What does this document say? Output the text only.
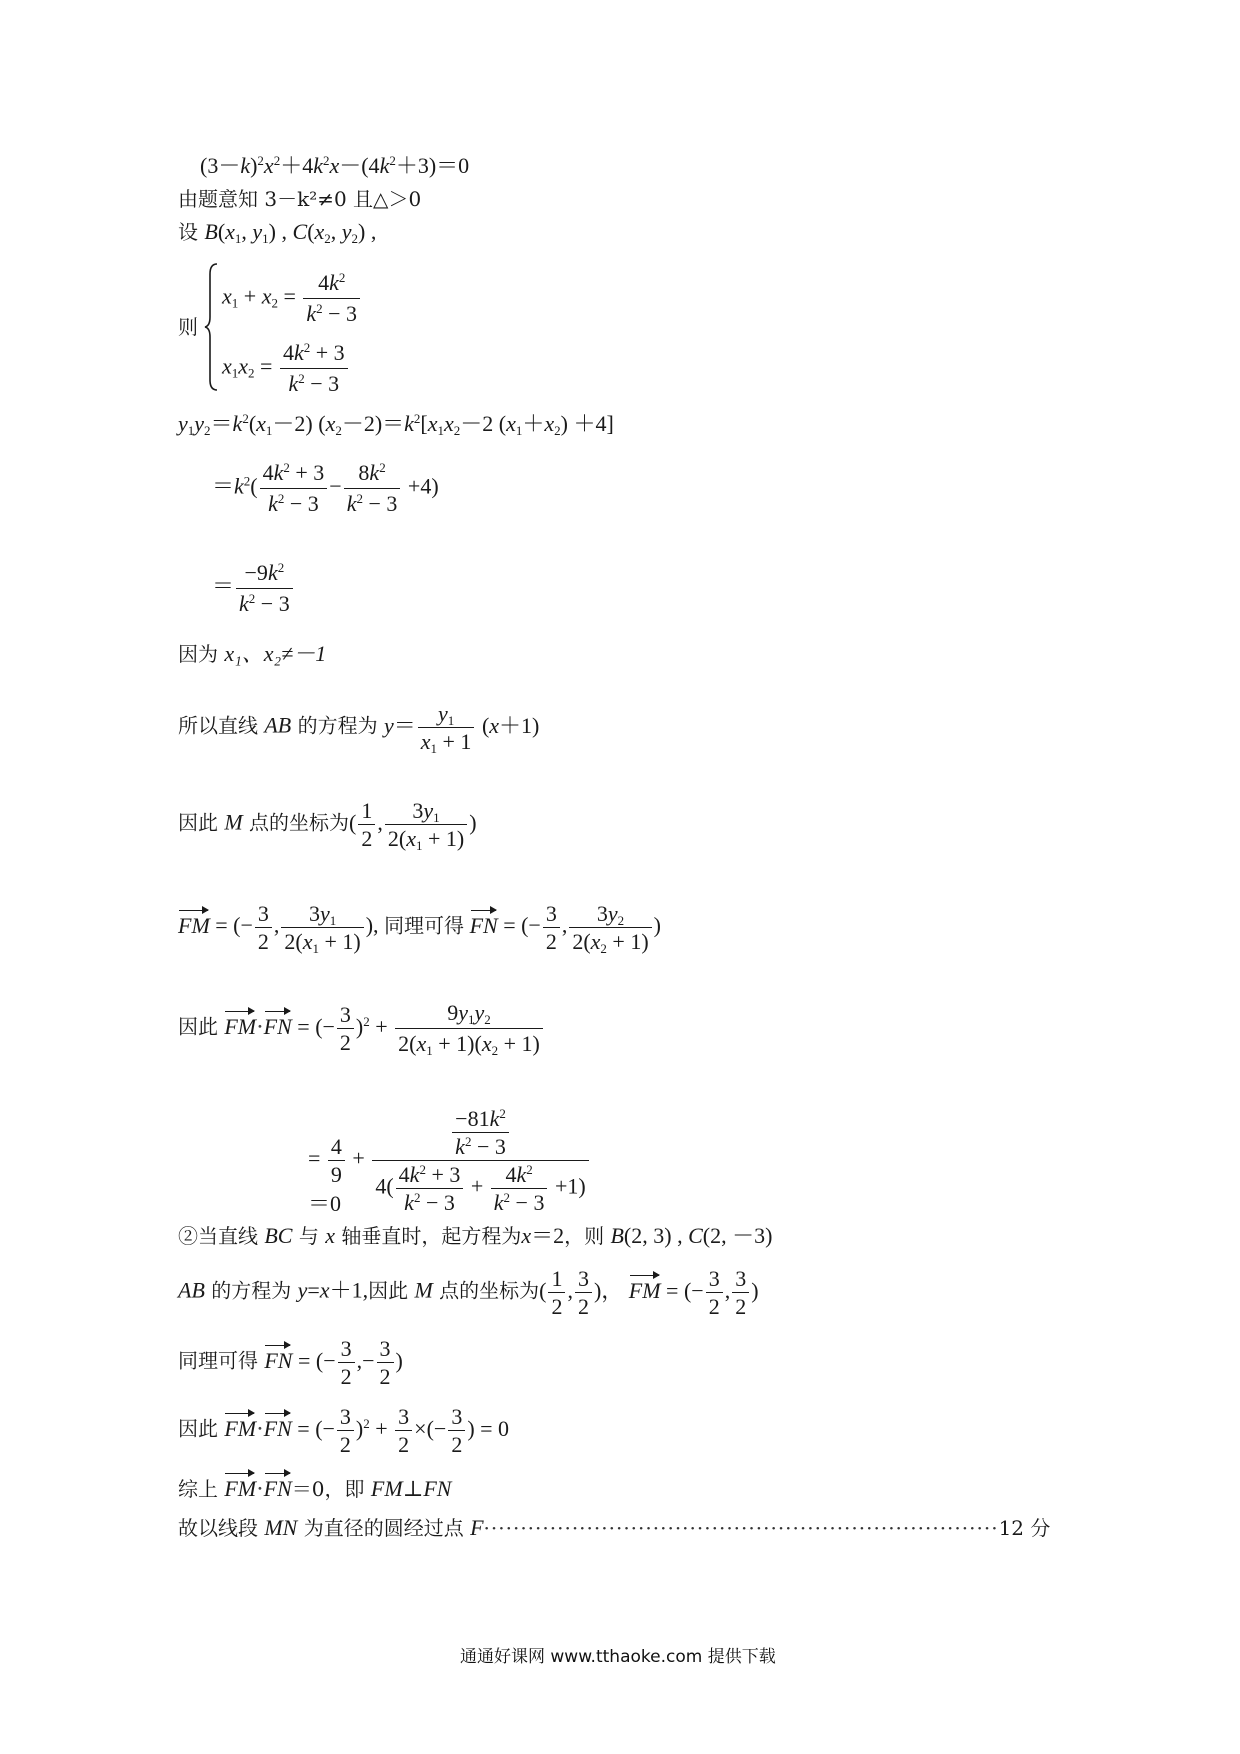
$(3-k)^2x^2+4k^2x-(4k^2+3)=0$
由题意知 3－k²≠0 且△＞0
设 $B(x_1$, $y_1$) , $C(x_2$, $y_2$) ,
则
$x_1 + x_2 = \frac{4k^2}{k^2 - 3}$
$x_1x_2 = \frac{4k^2 + 3}{k^2 - 3}$
$y_1y_2=k^2(x_1-2)$ $(x_2-2)=k^2[x_1x_2-2$ $(x_1+x_2) +4$]
$=k^2( \frac{4k^2 + 3}{k^2 - 3} - \frac{8k^2}{k^2 - 3} +4)$
＝ $\frac{-9k^2}{k^2 - 3}$
因为 x₁、x₂≠－1
所以直线 AB 的方程为 $y= \frac{y_1}{x_1 + 1} (x+1)$
因此 M 点的坐标为( $\frac{1}{2}$ , $\frac{3y_1}{2(x_1 + 1)}$ )
FM = (− $\frac{3}{2}$ , $\frac{3y_1}{2(x_1 + 1)}$ ), 同理可得 FN = (− $\frac{3}{2}$ , $\frac{3y_2}{2(x_2 + 1)}$ )
因此 FM⋅FN = (− $\frac{3}{2} )^2 + \frac{9y_1y_2}{2(x_1 + 1)(x_2 + 1)}$
= $\frac{4}{9} + \frac{\frac{-81k^2}{k^2 - 3}}{4( \frac{4k^2 + 3}{k^2 - 3} + \frac{4k^2}{k^2 - 3} +1)}$
＝0
②当直线 BC 与 x 轴垂直时，起方程为x＝2，则 B(2, 3) , C(2, －3)
AB 的方程为 y=x＋1,因此 M 点的坐标为( $\frac{1}{2}$ , $\frac{3}{2}$ )， FM = (− $\frac{3}{2}$ , $\frac{3}{2}$ )
同理可得 FN = (− $\frac{3}{2}$ ,− $\frac{3}{2}$ )
因此 FM⋅FN = (− $\frac{3}{2} )^2 + \frac{3}{2}$ ×(− $\frac{3}{2}$ ) = 0
综上 FM⋅FN＝0，即 FM⊥FN
故以线段 MN 为直径的圆经过点 F······································································12 分
通通好课网 www.tthaoke.com 提供下载
